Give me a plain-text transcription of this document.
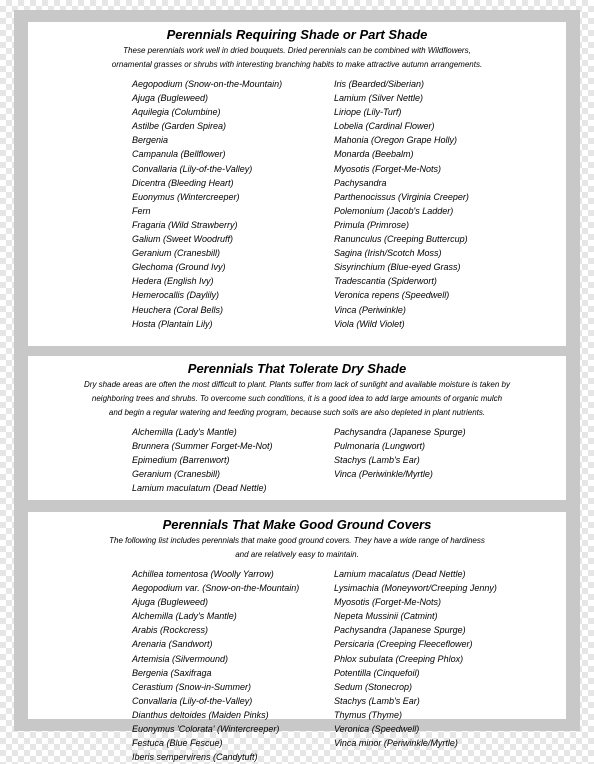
Perennials Requiring Shade or Part Shade
These perennials work well in dried bouquets. Dried perennials can be combined with Wildflowers,
ornamental grasses or shrubs with interesting branching habits to make attractive autumn arrangements.
Aegopodium (Snow-on-the-Mountain)
Ajuga (Bugleweed)
Aquilegia (Columbine)
Astilbe (Garden Spirea)
Bergenia
Campanula (Bellflower)
Convallaria (Lily-of-the-Valley)
Dicentra (Bleeding Heart)
Euonymus (Wintercreeper)
Fern
Fragaria (Wild Strawberry)
Galium (Sweet Woodruff)
Geranium (Cranesbill)
Glechoma (Ground Ivy)
Hedera (English Ivy)
Hemerocallis (Daylily)
Heuchera (Coral Bells)
Hosta (Plantain Lily)
Iris (Bearded/Siberian)
Lamium (Silver Nettle)
Liriope (Lily-Turf)
Lobelia (Cardinal Flower)
Mahonia (Oregon Grape Holly)
Monarda (Beebalm)
Myosotis (Forget-Me-Nots)
Pachysandra
Parthenocissus (Virginia Creeper)
Polemonium (Jacob's Ladder)
Primula (Primrose)
Ranunculus (Creeping Buttercup)
Sagina (Irish/Scotch Moss)
Sisyrinchium (Blue-eyed Grass)
Tradescantia (Spiderwort)
Veronica repens (Speedwell)
Vinca (Periwinkle)
Viola (Wild Violet)
Perennials That Tolerate Dry Shade
Dry shade areas are often the most difficult to plant. Plants suffer from lack of sunlight and available moisture is taken by
neighboring trees and shrubs. To overcome such conditions, it is a good idea to add large amounts of organic mulch
and begin a regular watering and feeding program, because such soils are also depleted in plant nutrients.
Alchemilla (Lady's Mantle)
Brunnera (Summer Forget-Me-Not)
Epimedium (Barrenwort)
Geranium (Cranesbill)
Lamium maculatum (Dead Nettle)
Pachysandra (Japanese Spurge)
Pulmonaria (Lungwort)
Stachys (Lamb's Ear)
Vinca (Periwinkle/Myrtle)
Perennials That Make Good Ground Covers
The following list includes perennials that make good ground covers. They have a wide range of hardiness
and are relatively easy to maintain.
Achillea tomentosa (Woolly Yarrow)
Aegopodium var. (Snow-on-the-Mountain)
Ajuga (Bugleweed)
Alchemilla (Lady's Mantle)
Arabis (Rockcress)
Arenaria (Sandwort)
Artemisia (Silvermound)
Bergenia (Saxifraga
Cerastium (Snow-in-Summer)
Convallaria (Lily-of-the-Valley)
Dianthus deltoides (Maiden Pinks)
Euonymus 'Colorata' (Wintercreeper)
Festuca (Blue Fescue)
Iberis sempervirens (Candytuft)
Lamium macalatus (Dead Nettle)
Lysimachia (Moneywort/Creeping Jenny)
Myosotis (Forget-Me-Nots)
Nepeta Mussinii (Catmint)
Pachysandra (Japanese Spurge)
Persicaria (Creeping Fleeceflower)
Phlox subulata (Creeping Phlox)
Potentilla (Cinquefoil)
Sedum (Stonecrop)
Stachys (Lamb's Ear)
Thymus (Thyme)
Veronica (Speedwell)
Vinca minor (Periwinkle/Myrtle)
